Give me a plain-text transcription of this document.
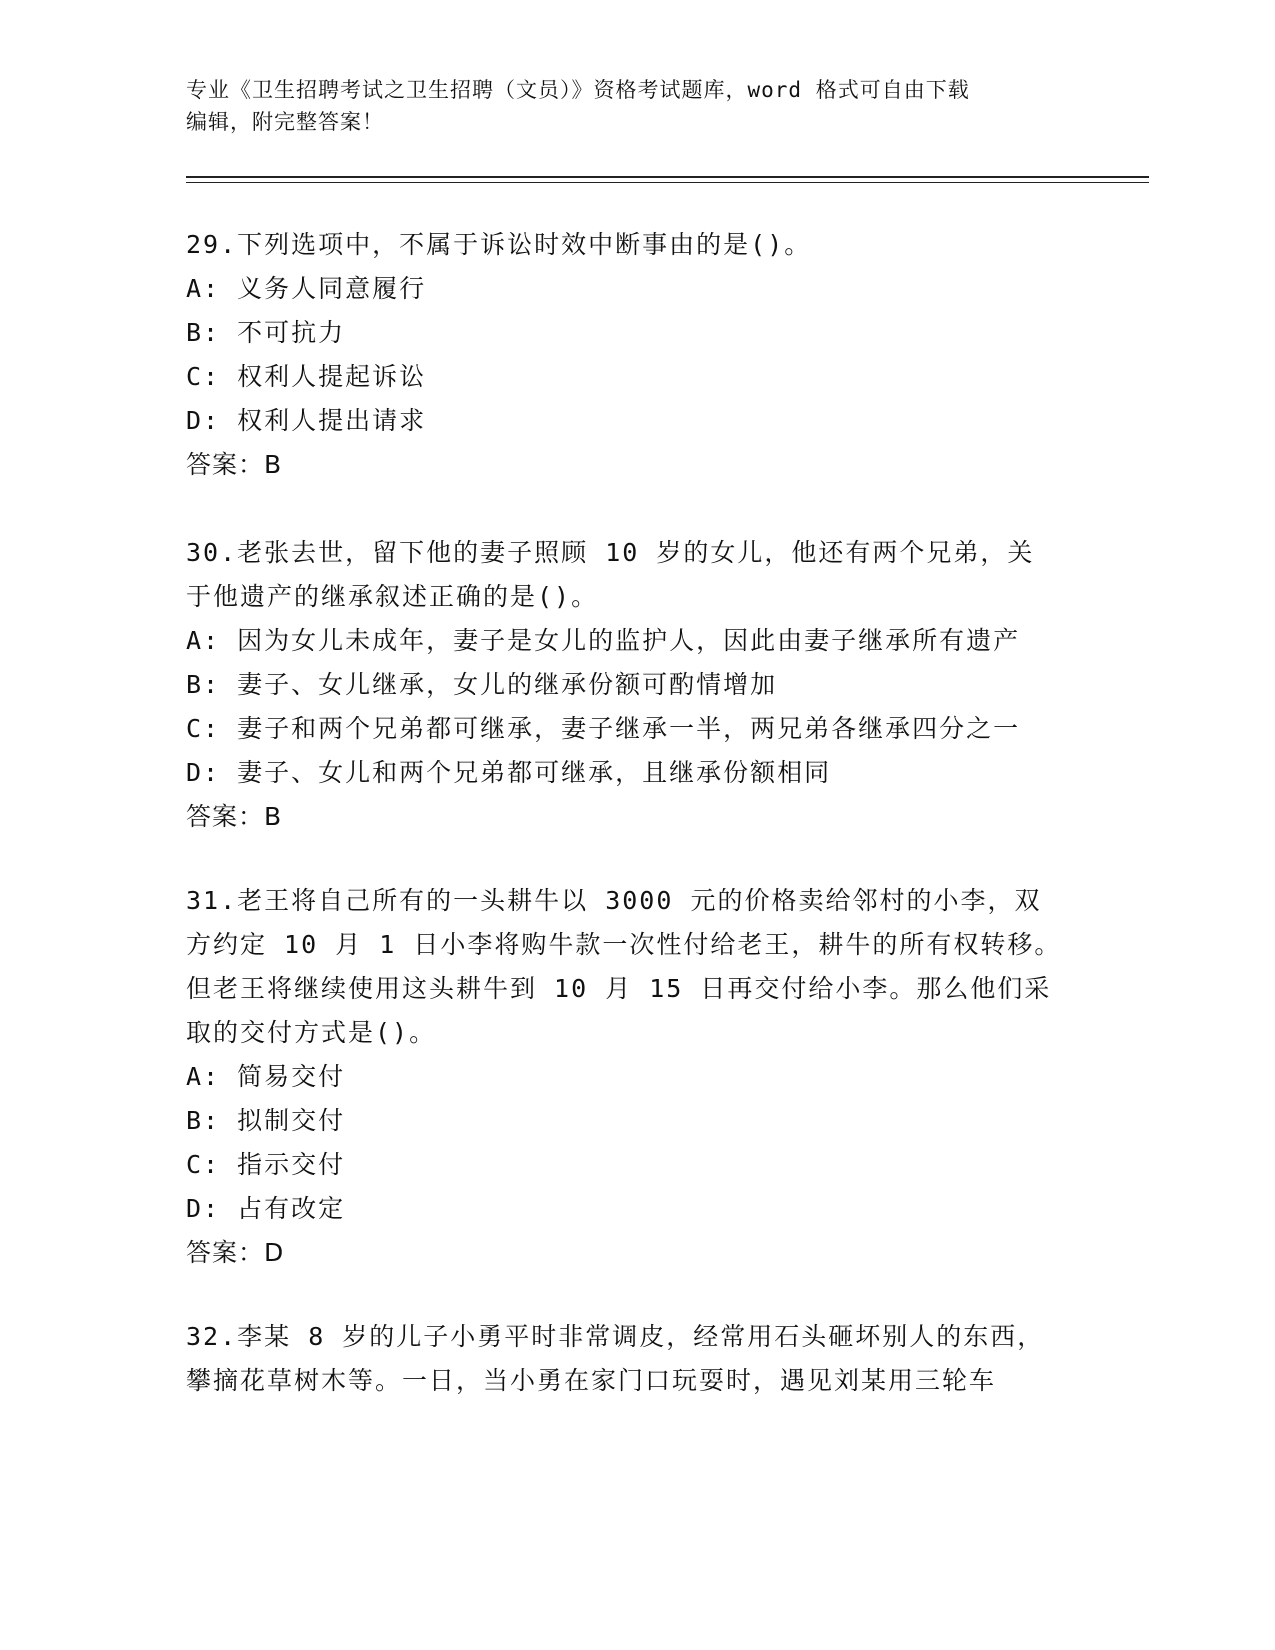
专业《卫生招聘考试之卫生招聘（文员）》资格考试题库，word 格式可自由下载
编辑，附完整答案！
29.下列选项中，不属于诉讼时效中断事由的是()。
A: 义务人同意履行
B: 不可抗力
C: 权利人提起诉讼
D: 权利人提出请求
答案：B
30.老张去世，留下他的妻子照顾 10 岁的女儿，他还有两个兄弟，关
于他遗产的继承叙述正确的是()。
A: 因为女儿未成年，妻子是女儿的监护人，因此由妻子继承所有遗产
B: 妻子、女儿继承，女儿的继承份额可酌情增加
C: 妻子和两个兄弟都可继承，妻子继承一半，两兄弟各继承四分之一
D: 妻子、女儿和两个兄弟都可继承，且继承份额相同
答案：B
31.老王将自己所有的一头耕牛以 3000 元的价格卖给邻村的小李，双
方约定 10 月 1 日小李将购牛款一次性付给老王，耕牛的所有权转移。
但老王将继续使用这头耕牛到 10 月 15 日再交付给小李。那么他们采
取的交付方式是()。
A: 简易交付
B: 拟制交付
C: 指示交付
D: 占有改定
答案：D
32.李某 8 岁的儿子小勇平时非常调皮，经常用石头砸坏别人的东西，
攀摘花草树木等。一日，当小勇在家门口玩耍时，遇见刘某用三轮车
